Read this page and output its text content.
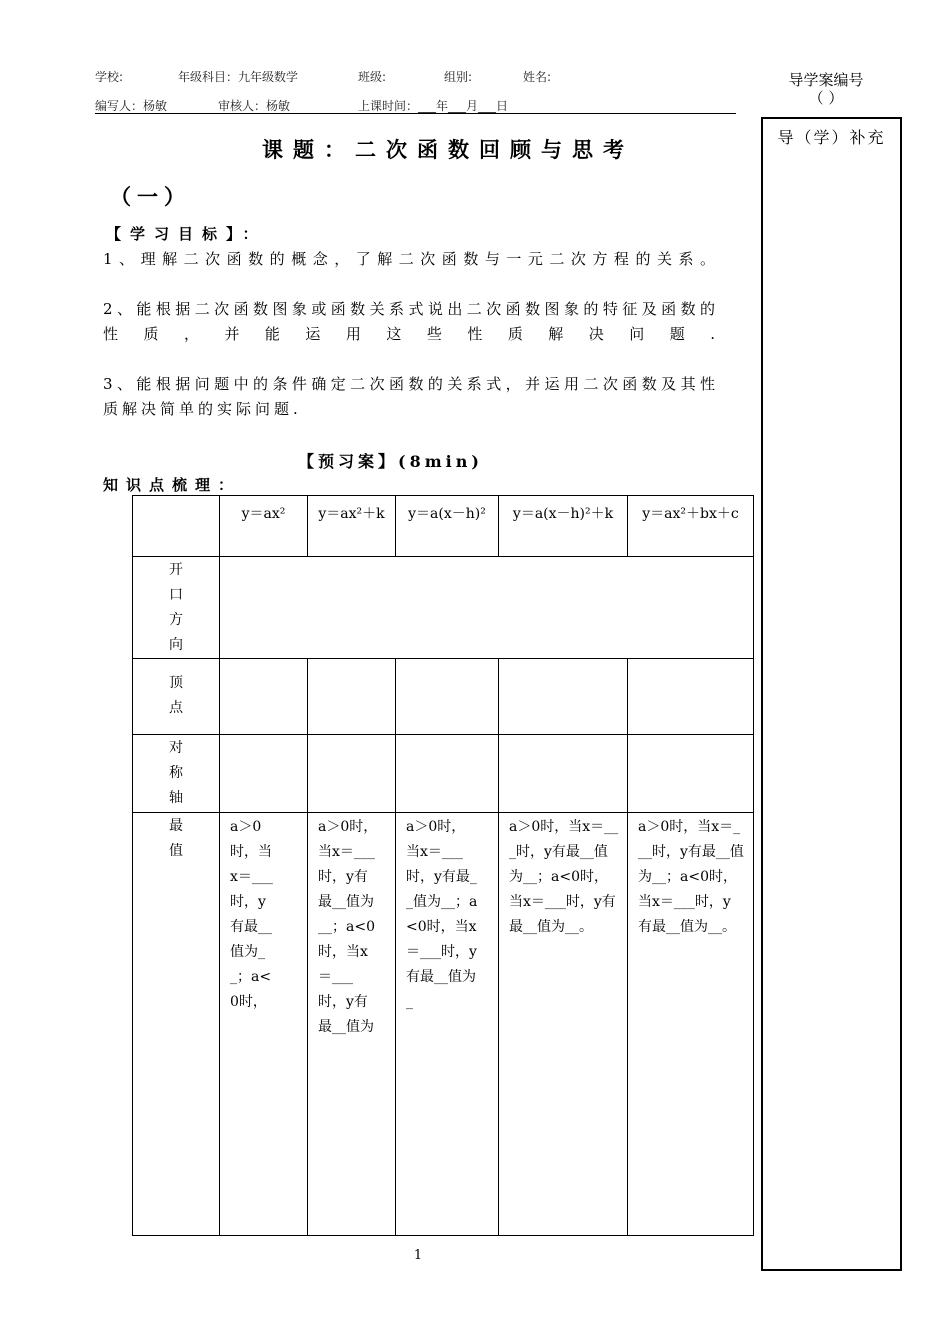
学校:	年级科目：九年级数学	班级:	组别:	姓名:
编写人：杨敏	审核人：杨敏	上课时间：___年___月___日
导学案编号
（ ）
导（学）补充
课题：二次函数回顾与思考
（一）
【学习目标】：
1、理解二次函数的概念，了解二次函数与一元二次方程的关系。
2、能根据二次函数图象或函数关系式说出二次函数图象的特征及函数的性质，并能运用这些性质解决问题.
3、能根据问题中的条件确定二次函数的关系式，并运用二次函数及其性质解决简单的实际问题.
【预习案】(8min)
知识点梳理：

	y＝ax²	y＝ax²＋k	y＝a(x－h)²	y＝a(x－h)²＋k	y＝ax²＋bx＋c

开口方向					

顶点					

对称轴					

最值	a＞0时，当x＝___时，y有最__值为__；a<0时，	a＞0时，当x＝___时，y有最__值为__；a<0时，当x＝___时，y有最__值为	a＞0时，当x＝___时，y有最__值为__；a<0时，当x＝___时，y有最__值为_	a＞0时，当x＝___时，y有最__值为__；a<0时，当x＝___时，y有最__值为__。	a＞0时，当x＝___时，y有最__值为__；a<0时，当x＝___时，y有最__值为__。
1
